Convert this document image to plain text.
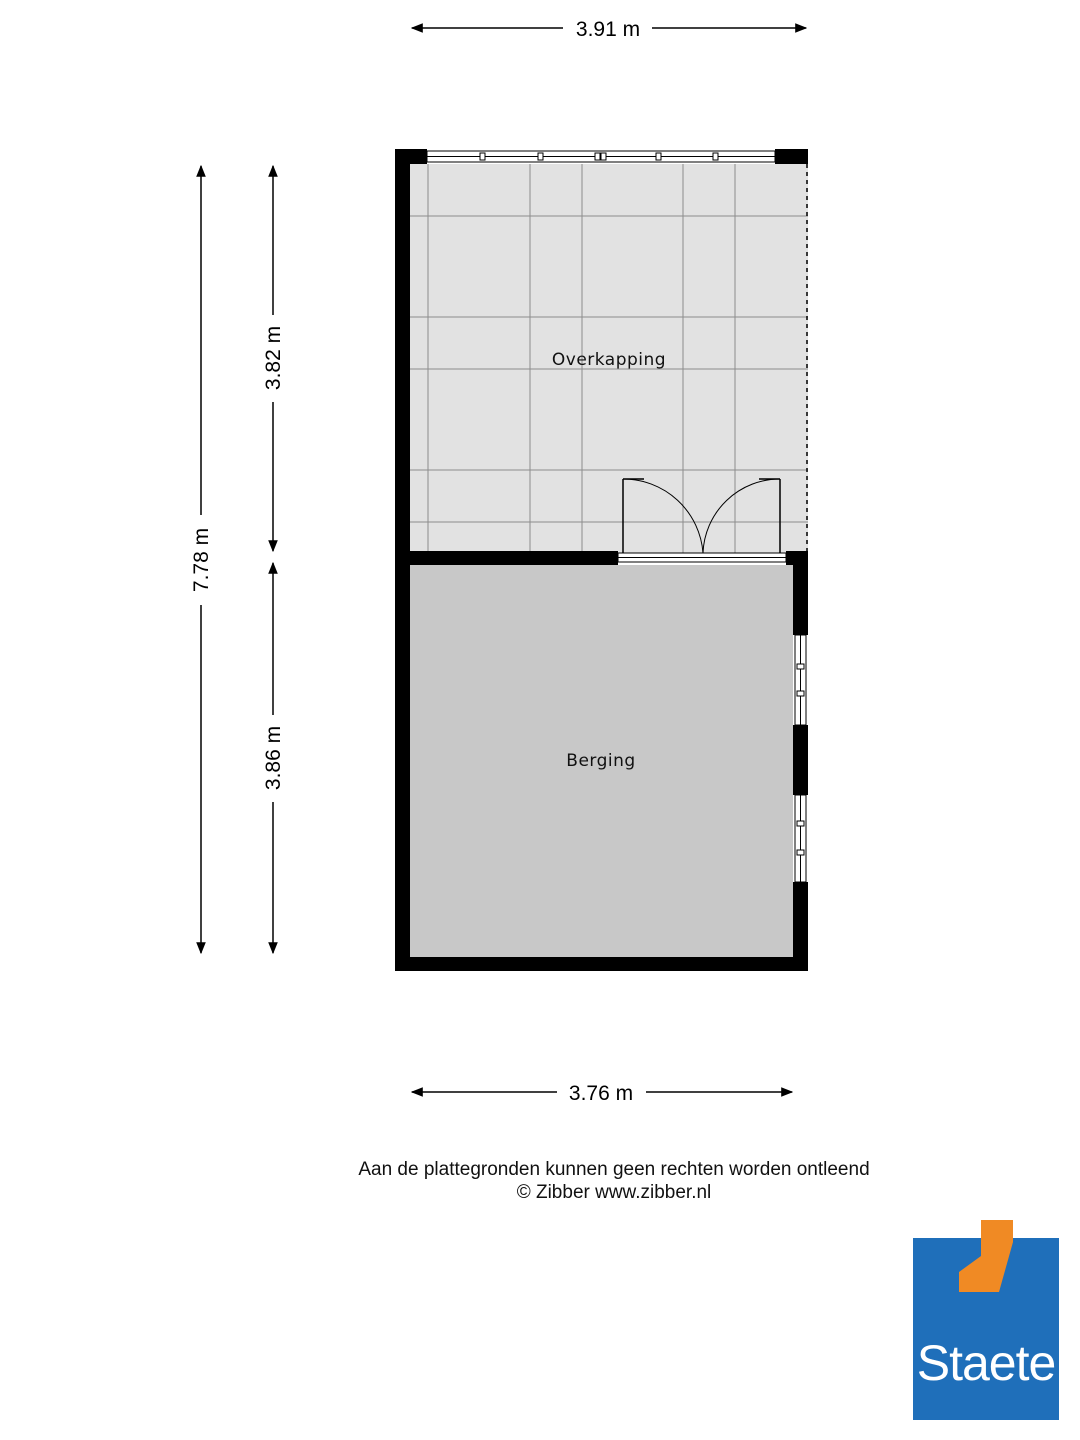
3.91 m
7.78 m
3.82 m
3.86 m
Overkapping
Berging
3.76 m
Aan de plattegronden kunnen geen rechten worden ontleend
© Zibber www.zibber.nl
Staete
